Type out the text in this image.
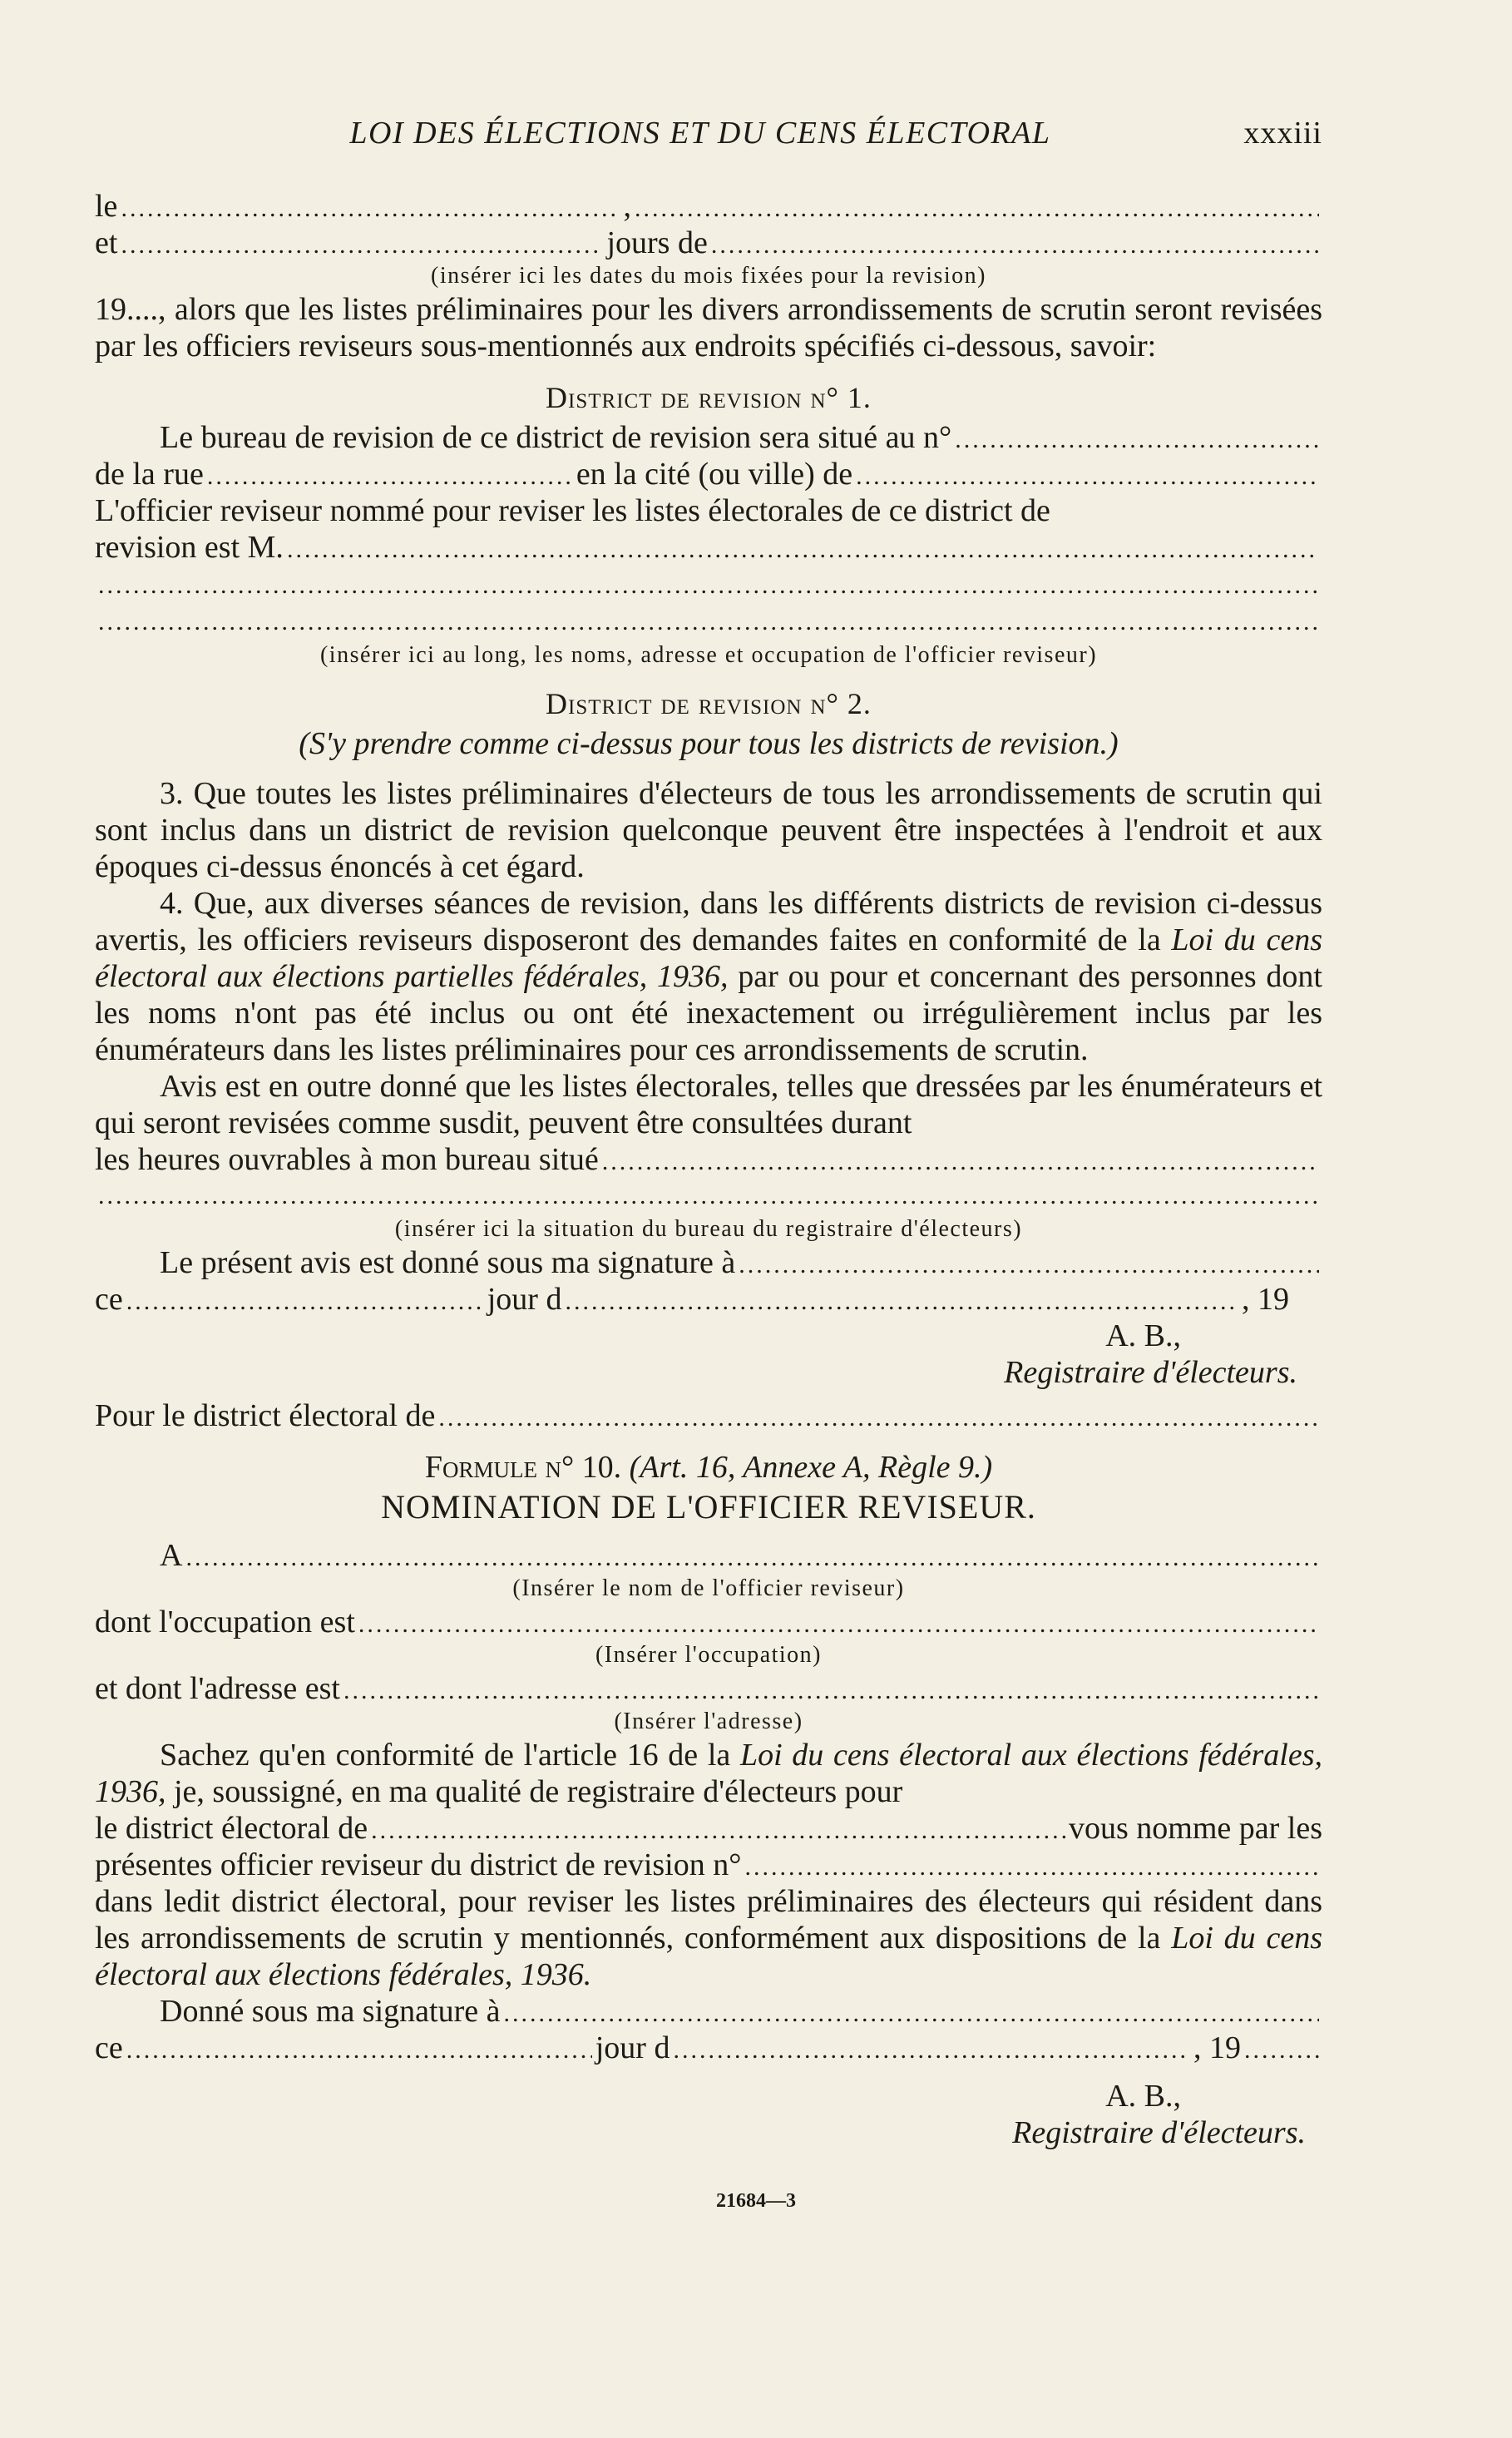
LOI DES ÉLECTIONS ET DU CENS ÉLECTORAL	xxxiii
le .....	,
.....
et .....	jours de
.....
(insérer ici les dates du mois fixées pour la revision)
19...., alors que les listes préliminaires pour les divers arrondissements de scrutin seront revisées par les officiers reviseurs sous-mentionnés aux endroits spécifiés ci-dessous, savoir:
District de revision n° 1.
Le bureau de revision de ce district de revision sera situé au n°
.....
de la rue .....	en la cité (ou ville) de
.....
L'officier reviseur nommé pour reviser les listes électorales de ce district de
revision est M.
.....
.....
.....
(insérer ici au long, les noms, adresse et occupation de l'officier reviseur)
District de revision n° 2.
(S'y prendre comme ci-dessus pour tous les districts de revision.)
3. Que toutes les listes préliminaires d'électeurs de tous les arrondissements de scrutin qui sont inclus dans un district de revision quelconque peuvent être inspectées à l'endroit et aux époques ci-dessus énoncés à cet égard.
4. Que, aux diverses séances de revision, dans les différents districts de revision ci-dessus avertis, les officiers reviseurs disposeront des demandes faites en conformité de la Loi du cens électoral aux élections partielles fédérales, 1936, par ou pour et concernant des personnes dont les noms n'ont pas été inclus ou ont été inexactement ou irrégulièrement inclus par les énumérateurs dans les listes préliminaires pour ces arrondissements de scrutin.
Avis est en outre donné que les listes électorales, telles que dressées par les énumérateurs et qui seront revisées comme susdit, peuvent être consultées durant
les heures ouvrables à mon bureau situé
.....
.....
(insérer ici la situation du bureau du registraire d'électeurs)
Le présent avis est donné sous ma signature à
.....
ce .....	jour d .....	, 19
A. B.,
Registraire d'électeurs.
Pour le district électoral de
.....
Formule n° 10. (Art. 16, Annexe A, Règle 9.)
NOMINATION DE L'OFFICIER REVISEUR.
A
.....
(Insérer le nom de l'officier reviseur)
dont l'occupation est
.....
(Insérer l'occupation)
et dont l'adresse est
.....
(Insérer l'adresse)
Sachez qu'en conformité de l'article 16 de la Loi du cens électoral aux élections fédérales, 1936, je, soussigné, en ma qualité de registraire d'électeurs pour
le district électoral de .....	vous nomme par les
présentes officier reviseur du district de revision n°
.....
dans ledit district électoral, pour reviser les listes préliminaires des électeurs qui résident dans les arrondissements de scrutin y mentionnés, conformément aux dispositions de la Loi du cens électoral aux élections fédérales, 1936.
Donné sous ma signature à
.....
ce .....	jour d .....	, 19
.....
A. B.,
Registraire d'électeurs.
21684—3
